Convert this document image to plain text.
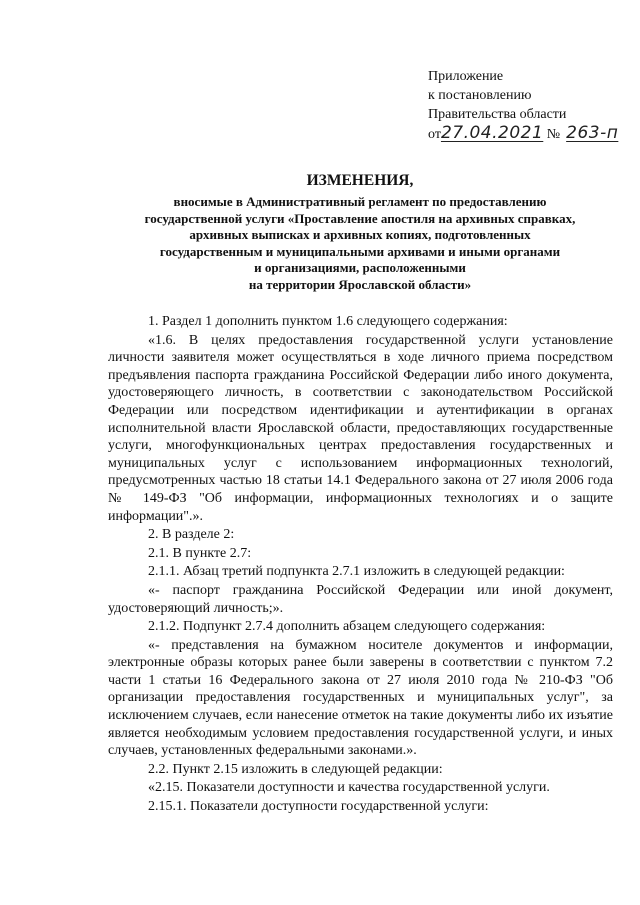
Приложение
к постановлению
Правительства области
от27.04.2021 № 263-п
ИЗМЕНЕНИЯ,
вносимые в Административный регламент по предоставлению
государственной услуги «Проставление апостиля на архивных справках,
архивных выписках и архивных копиях, подготовленных
государственным и муниципальными архивами и иными органами
и организациями, расположенными
на территории Ярославской области»

1. Раздел 1 дополнить пунктом 1.6 следующего содержания:

«1.6. В целях предоставления государственной услуги установление личности заявителя может осуществляться в ходе личного приема посредством предъявления паспорта гражданина Российской Федерации либо иного документа, удостоверяющего личность, в соответствии с законодательством Российской Федерации или посредством идентификации и аутентификации в органах исполнительной власти Ярославской области, предоставляющих государственные услуги, многофункциональных центрах предоставления государственных и муниципальных услуг с использованием информационных технологий, предусмотренных частью 18 статьи 14.1 Федерального закона от 27 июля 2006 года № 149-ФЗ "Об информации, информационных технологиях и о защите информации".».

2. В разделе 2:

2.1. В пункте 2.7:

2.1.1. Абзац третий подпункта 2.7.1 изложить в следующей редакции:

«- паспорт гражданина Российской Федерации или иной документ, удостоверяющий личность;».

2.1.2. Подпункт 2.7.4 дополнить абзацем следующего содержания:

«- представления на бумажном носителе документов и информации, электронные образы которых ранее были заверены в соответствии с пунктом 7.2 части 1 статьи 16 Федерального закона от 27 июля 2010 года № 210-ФЗ "Об организации предоставления государственных и муниципальных услуг", за исключением случаев, если нанесение отметок на такие документы либо их изъятие является необходимым условием предоставления государственной услуги, и иных случаев, установленных федеральными законами.».

2.2. Пункт 2.15 изложить в следующей редакции:

«2.15. Показатели доступности и качества государственной услуги.

2.15.1. Показатели доступности государственной услуги:
